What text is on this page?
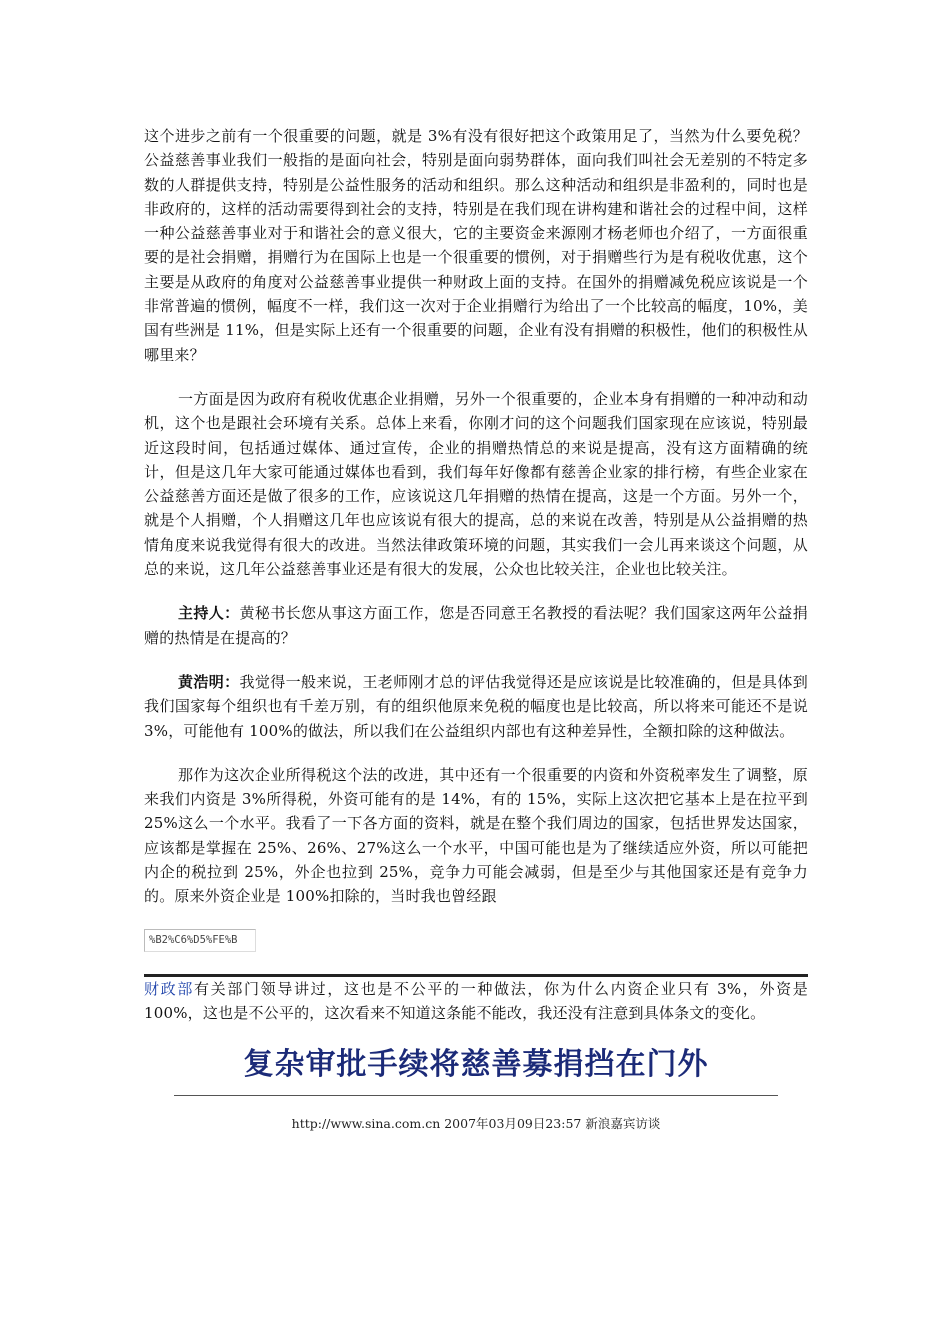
这个进步之前有一个很重要的问题，就是 3%有没有很好把这个政策用足了，当然为什么要免税？公益慈善事业我们一般指的是面向社会，特别是面向弱势群体，面向我们叫社会无差别的不特定多数的人群提供支持，特别是公益性服务的活动和组织。那么这种活动和组织是非盈利的，同时也是非政府的，这样的活动需要得到社会的支持，特别是在我们现在讲构建和谐社会的过程中间，这样一种公益慈善事业对于和谐社会的意义很大，它的主要资金来源刚才杨老师也介绍了，一方面很重要的是社会捐赠，捐赠行为在国际上也是一个很重要的惯例，对于捐赠些行为是有税收优惠，这个主要是从政府的角度对公益慈善事业提供一种财政上面的支持。在国外的捐赠减免税应该说是一个非常普遍的惯例，幅度不一样，我们这一次对于企业捐赠行为给出了一个比较高的幅度，10%，美国有些洲是 11%，但是实际上还有一个很重要的问题，企业有没有捐赠的积极性，他们的积极性从哪里来？

一方面是因为政府有税收优惠企业捐赠，另外一个很重要的，企业本身有捐赠的一种冲动和动机，这个也是跟社会环境有关系。总体上来看，你刚才问的这个问题我们国家现在应该说，特别最近这段时间，包括通过媒体、通过宣传，企业的捐赠热情总的来说是提高，没有这方面精确的统计，但是这几年大家可能通过媒体也看到，我们每年好像都有慈善企业家的排行榜，有些企业家在公益慈善方面还是做了很多的工作，应该说这几年捐赠的热情在提高，这是一个方面。另外一个，就是个人捐赠，个人捐赠这几年也应该说有很大的提高，总的来说在改善，特别是从公益捐赠的热情角度来说我觉得有很大的改进。当然法律政策环境的问题，其实我们一会儿再来谈这个问题，从总的来说，这几年公益慈善事业还是有很大的发展，公众也比较关注，企业也比较关注。

主持人：黄秘书长您从事这方面工作，您是否同意王名教授的看法呢？我们国家这两年公益捐赠的热情是在提高的？

黄浩明：我觉得一般来说，王老师刚才总的评估我觉得还是应该说是比较准确的，但是具体到我们国家每个组织也有千差万别，有的组织他原来免税的幅度也是比较高，所以将来可能还不是说 3%，可能他有 100%的做法，所以我们在公益组织内部也有这种差异性，全额扣除的这种做法。

那作为这次企业所得税这个法的改进，其中还有一个很重要的内资和外资税率发生了调整，原来我们内资是 3%所得税，外资可能有的是 14%，有的 15%，实际上这次把它基本上是在拉平到 25%这么一个水平。我看了一下各方面的资料，就是在整个我们周边的国家，包括世界发达国家，应该都是掌握在 25%、26%、27%这么一个水平，中国可能也是为了继续适应外资，所以可能把内企的税拉到 25%，外企也拉到 25%，竞争力可能会减弱，但是至少与其他国家还是有竞争力的。原来外资企业是 100%扣除的，当时我也曾经跟

%B2%C6%D5%FE%B

财政部有关部门领导讲过，这也是不公平的一种做法，你为什么内资企业只有 3%，外资是 100%，这也是不公平的，这次看来不知道这条能不能改，我还没有注意到具体条文的变化。

复杂审批手续将慈善募捐挡在门外
http://www.sina.com.cn 2007年03月09日23:57 新浪嘉宾访谈
